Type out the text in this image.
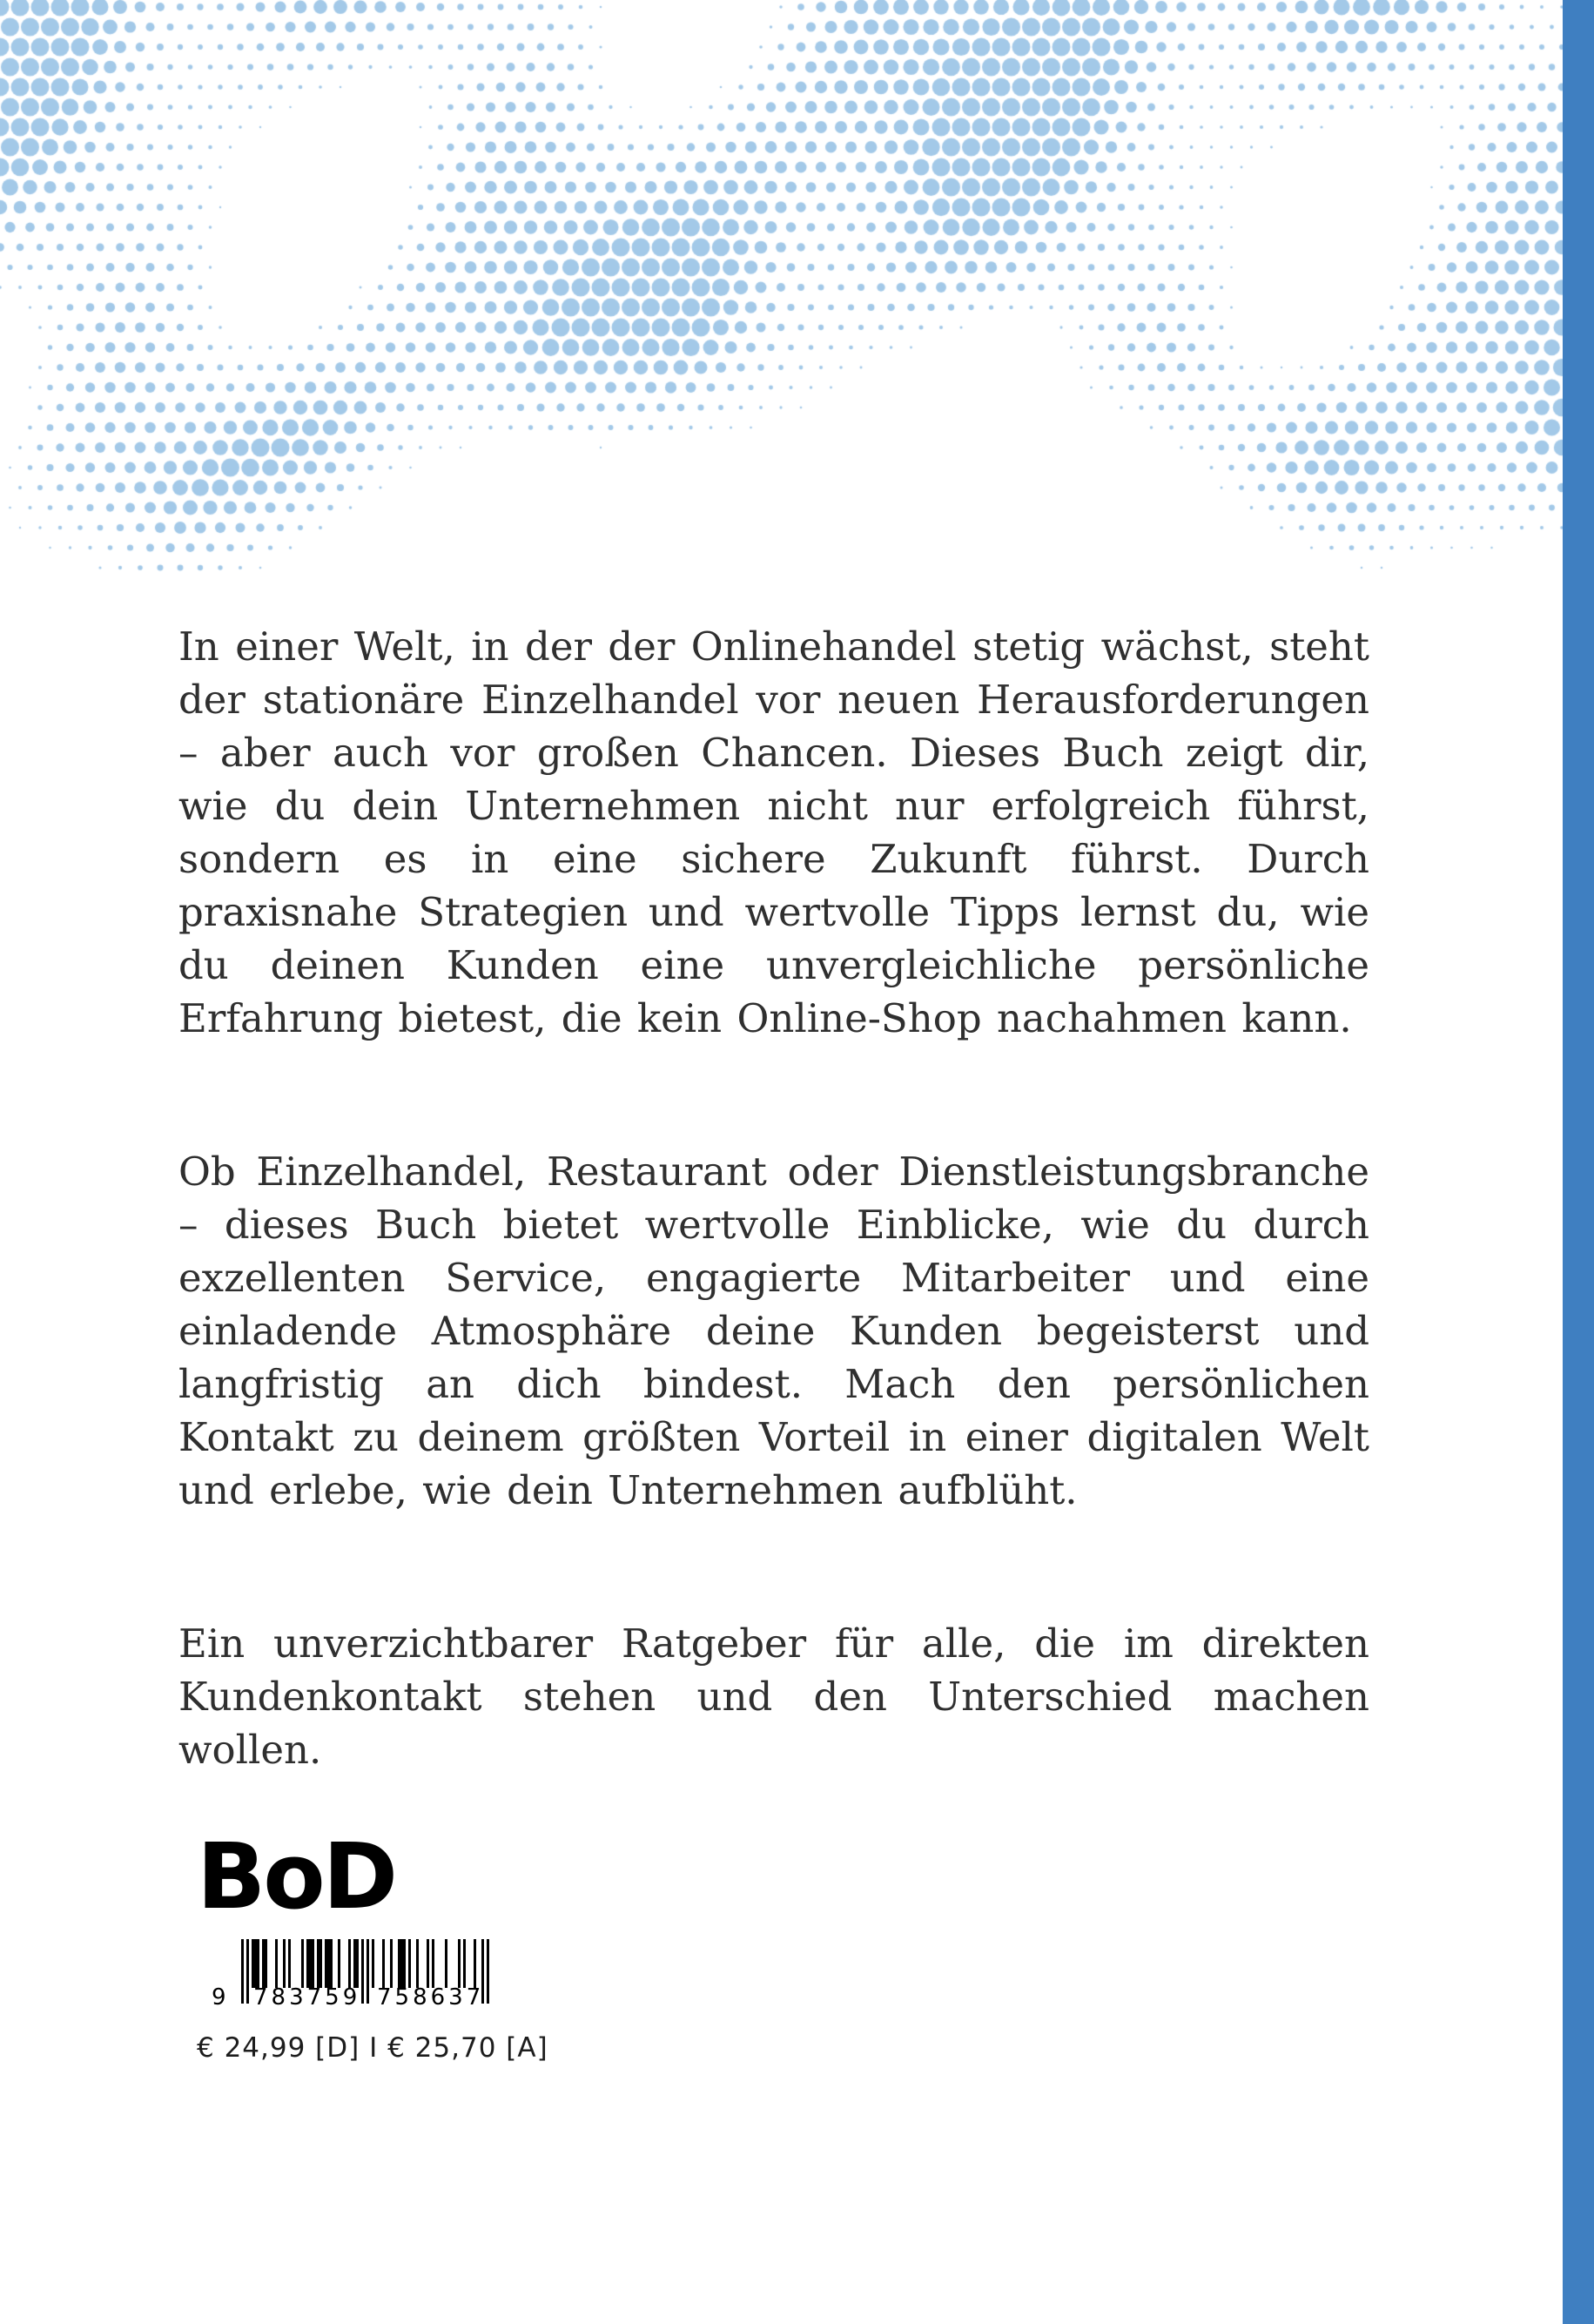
In einer Welt, in der der Onlinehandel stetig wächst, steht der stationäre Einzelhandel vor neuen Herausforderungen – aber auch vor großen Chancen. Dieses Buch zeigt dir, wie du dein Unternehmen nicht nur erfolgreich führst, sondern es in eine sichere Zukunft führst. Durch praxisnahe Strategien und wertvolle Tipps lernst du, wie du deinen Kunden eine unvergleichliche persönliche Erfahrung bietest, die kein Online-Shop nachahmen kann.

Ob Einzelhandel, Restaurant oder Dienstleistungsbranche – dieses Buch bietet wertvolle Einblicke, wie du durch exzellenten Service, engagierte Mitarbeiter und eine einladende Atmosphäre deine Kunden begeisterst und langfristig an dich bindest. Mach den persönlichen Kontakt zu deinem größten Vorteil in einer digitalen Welt und erlebe, wie dein Unternehmen aufblüht.

Ein unverzichtbarer Ratgeber für alle, die im direkten Kundenkontakt stehen und den Unterschied machen wollen.

BoD
9 783759 758637
€ 24,99 [D] I € 25,70 [A]
